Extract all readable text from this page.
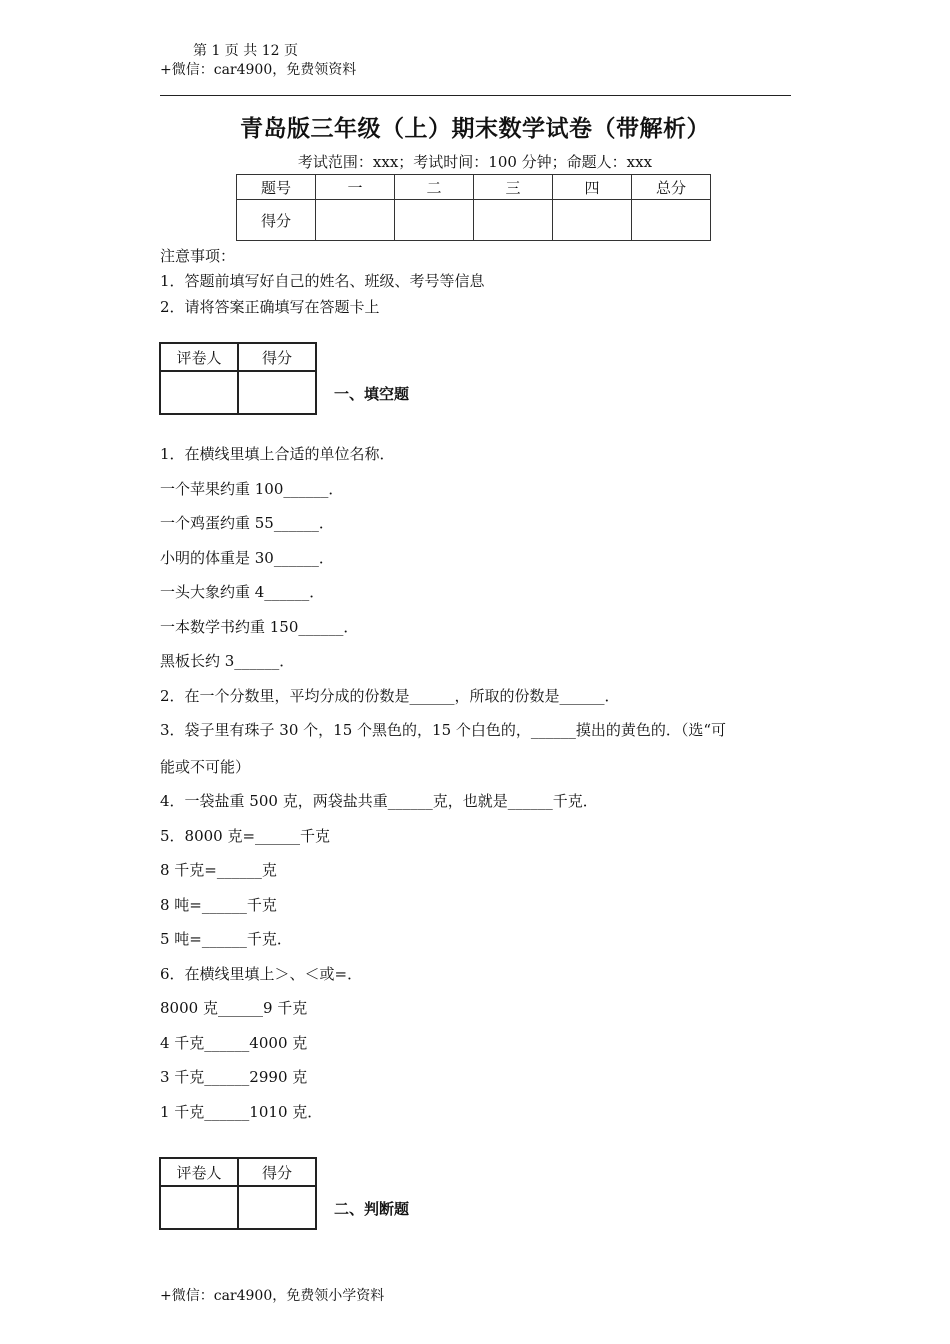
第 1 页 共 12 页
+微信：car4900，免费领资料
青岛版三年级（上）期末数学试卷（带解析）
考试范围：xxx；考试时间：100 分钟；命题人：xxx
题号	一	二	三	四	总分
得分					
注意事项：
1．答题前填写好自己的姓名、班级、考号等信息
2．请将答案正确填写在答题卡上
评卷人	得分

一、填空题
1．在横线里填上合适的单位名称．
一个苹果约重 100______．
一个鸡蛋约重 55______．
小明的体重是 30______．
一头大象约重 4______．
一本数学书约重 150______．
黑板长约 3______．
2．在一个分数里，平均分成的份数是______，所取的份数是______．
3．袋子里有珠子 30 个，15 个黑色的，15 个白色的，______摸出的黄色的．（选“可
能或不可能）
4．一袋盐重 500 克，两袋盐共重______克，也就是______千克．
5．8000 克=______千克
8 千克=______克
8 吨=______千克
5 吨=______千克．
6．在横线里填上＞、＜或=．
8000 克______9 千克
4 千克______4000 克
3 千克______2990 克
1 千克______1010 克．
评卷人	得分

二、判断题
+微信：car4900，免费领小学资料
